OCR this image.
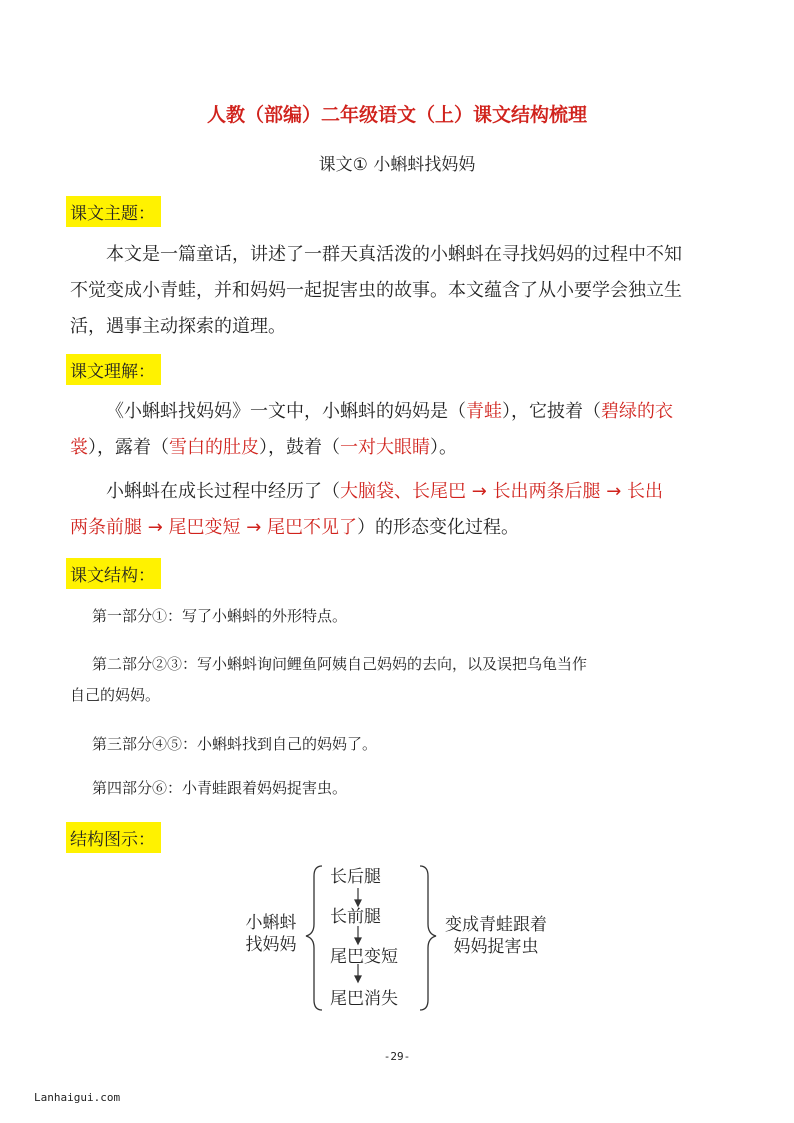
人教（部编）二年级语文（上）课文结构梳理
课文① 小蝌蚪找妈妈
课文主题：
本文是一篇童话，讲述了一群天真活泼的小蝌蚪在寻找妈妈的过程中不知
不觉变成小青蛙，并和妈妈一起捉害虫的故事。本文蕴含了从小要学会独立生
活，遇事主动探索的道理。
课文理解：
《小蝌蚪找妈妈》一文中，小蝌蚪的妈妈是（青蛙），它披着（碧绿的衣
裳），露着（雪白的肚皮），鼓着（一对大眼睛）。
小蝌蚪在成长过程中经历了（大脑袋、长尾巴 → 长出两条后腿 → 长出
两条前腿 → 尾巴变短 → 尾巴不见了）的形态变化过程。
课文结构：
第一部分①：写了小蝌蚪的外形特点。
第二部分②③：写小蝌蚪询问鲤鱼阿姨自己妈妈的去向，以及误把乌龟当作
自己的妈妈。
第三部分④⑤：小蝌蚪找到自己的妈妈了。
第四部分⑥：小青蛙跟着妈妈捉害虫。
结构图示：
小蝌蚪
找妈妈
长后腿
长前腿
尾巴变短
尾巴消失
变成青蛙跟着
妈妈捉害虫
-29-
Lanhaigui.com
